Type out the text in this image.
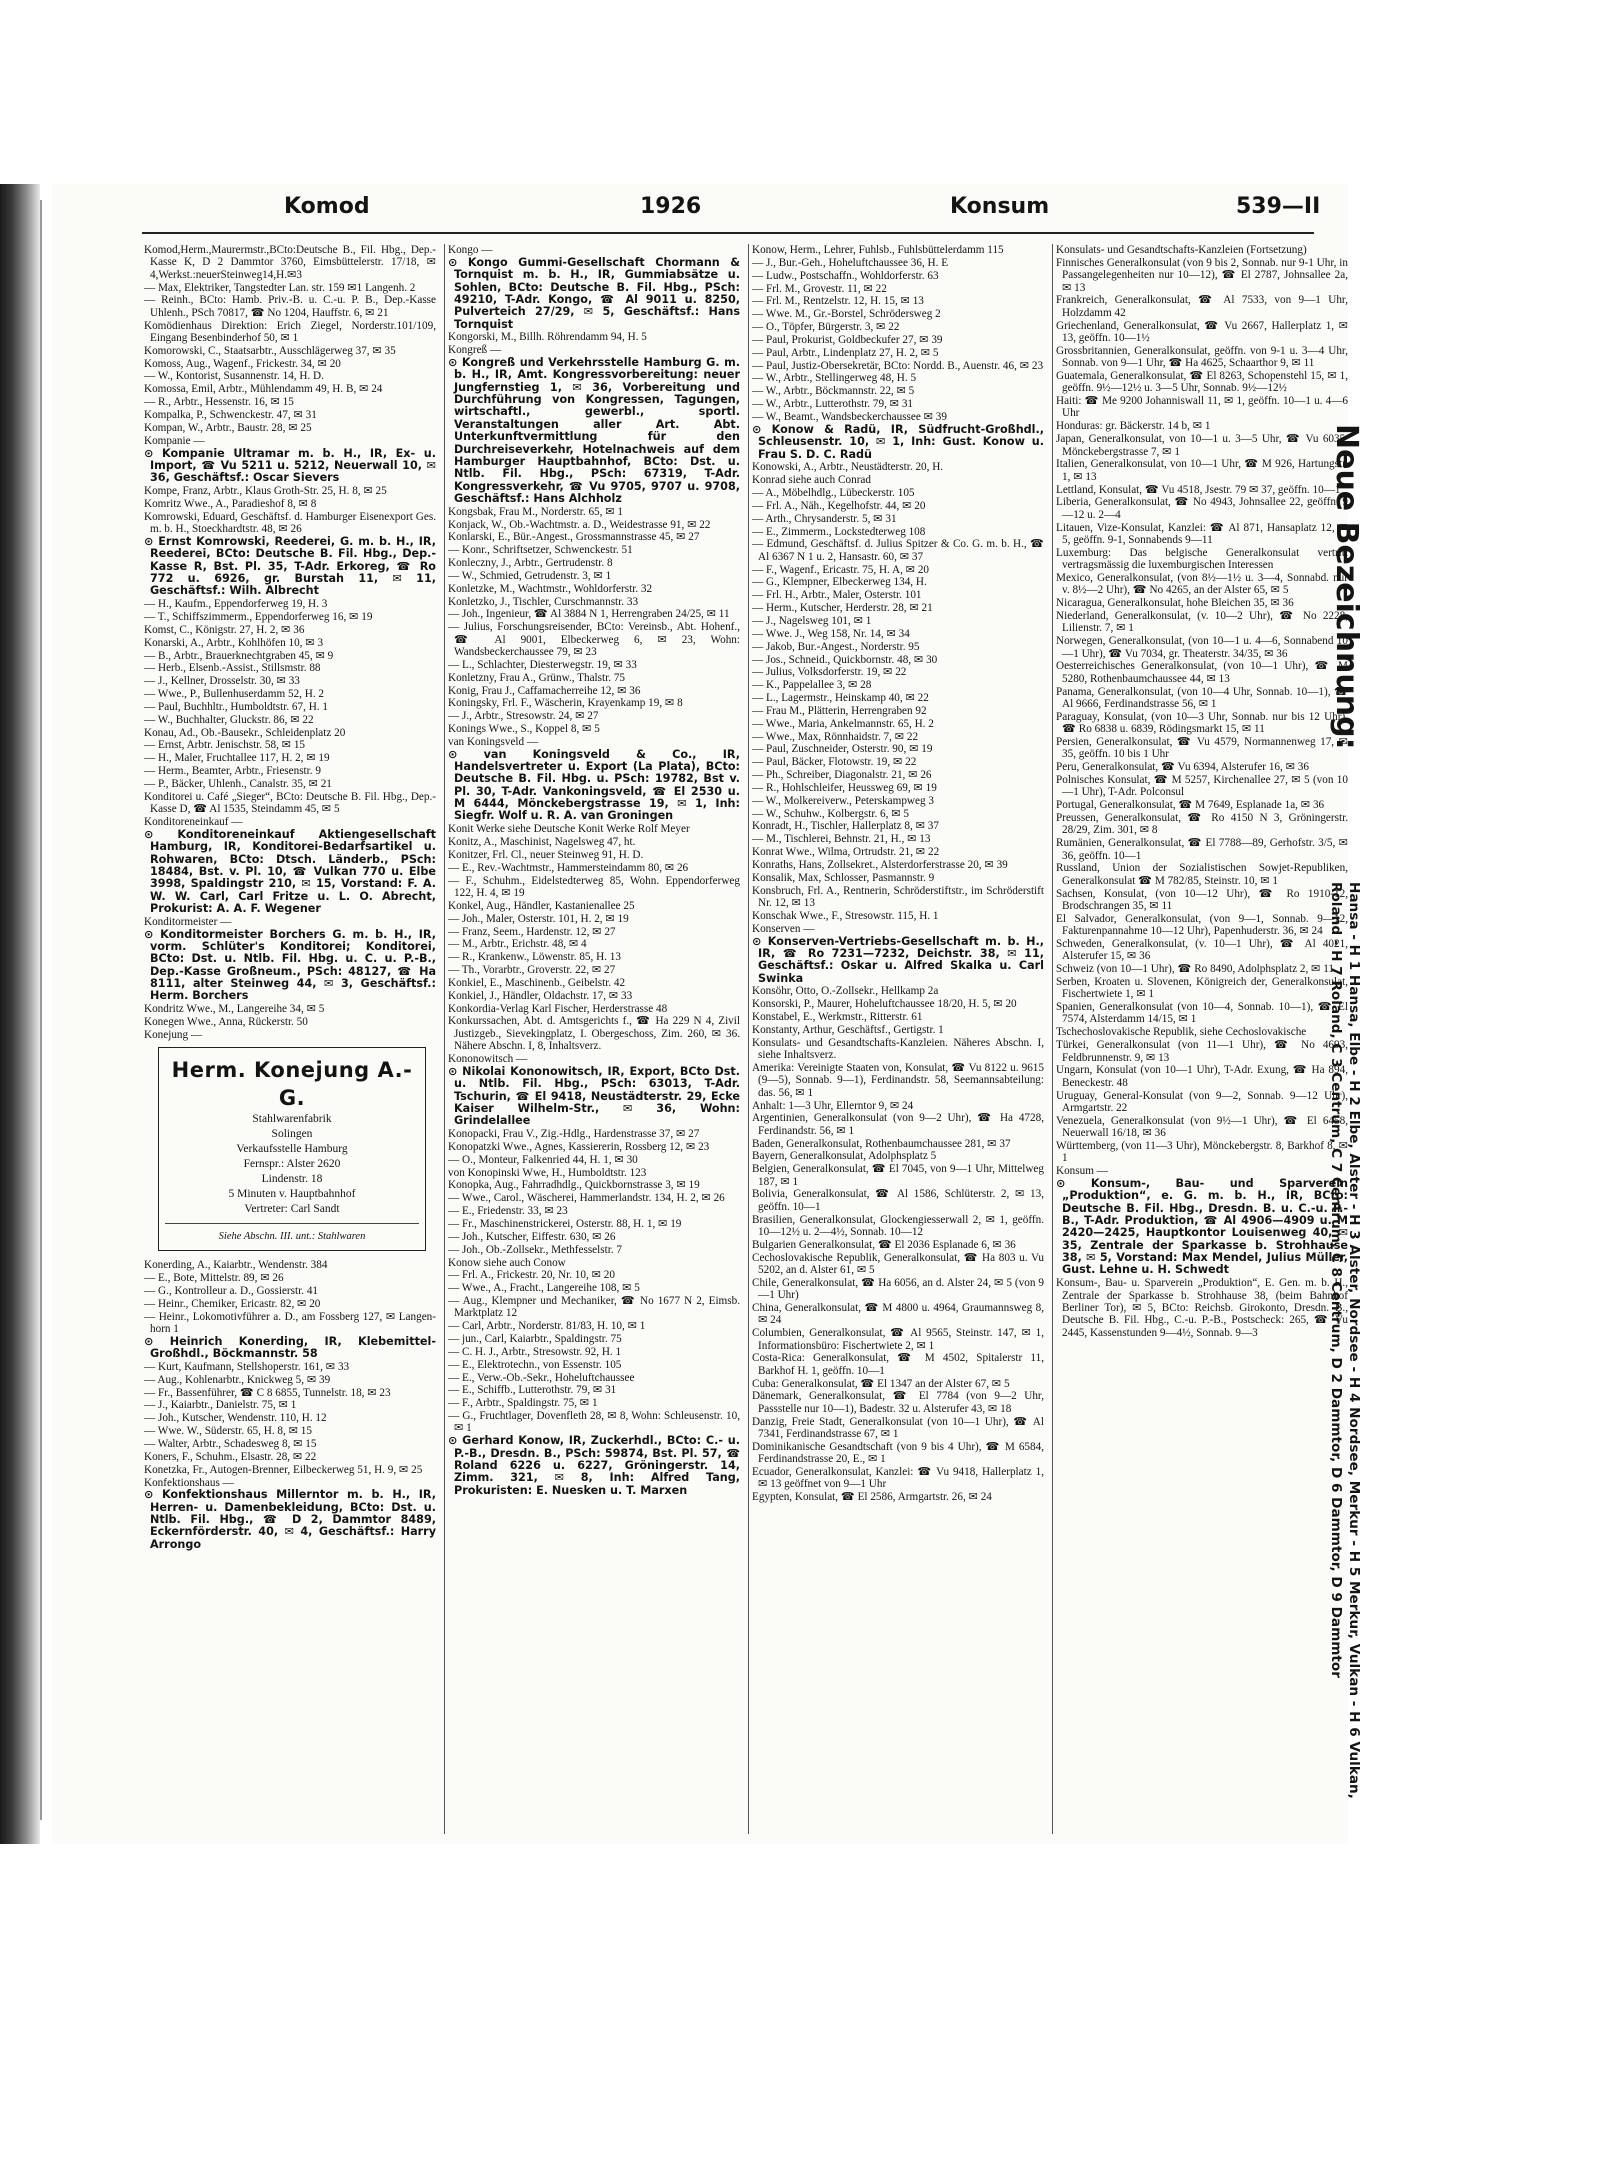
Komod	1926	Konsum	539—II

Komod,Herm.,Maurermstr.,BCto:Deutsche B., Fil. Hbg., Dep.-Kasse K, D 2 Dammtor 3760, Eimsbüttelerstr. 17/18, ✉4,Werkst.:neuerSteinweg14,H.✉3

— Max, Elektriker, Tangstedter Lan. str. 159 ✉1 Langenh. 2

— Reinh., BCto: Hamb. Priv.-B. u. C.-u. P. B., Dep.-Kasse Uhlenh., PSch 70817, ☎ No 1204, Hauffstr. 6, ✉ 21

Komödienhaus Direktion: Erich Ziegel, Norderstr.101/109, Eingang Besenbinderhof 50, ✉ 1

Komorowski, C., Staatsarbtr., Ausschlägerweg 37, ✉ 35

Komoss, Aug., Wagenf., Frickestr. 34, ✉ 20

— W., Kontorist, Susannenstr. 14, H. D.

Komossa, Emil, Arbtr., Mühlendamm 49, H. B, ✉ 24

— R., Arbtr., Hessenstr. 16, ✉ 15

Kompalka, P., Schwenckestr. 47, ✉ 31

Kompan, W., Arbtr., Baustr. 28, ✉ 25

Kompanie —

⊙ Kompanie Ultramar m. b. H., IR, Ex- u. Import, ☎ Vu 5211 u. 5212, Neuerwall 10, ✉ 36, Geschäftsf.: Oscar Sievers

Kompe, Franz, Arbtr., Klaus Groth-Str. 25, H. 8, ✉ 25

Komritz Wwe., A., Paradieshof 8, ✉ 8

Komrowski, Eduard, Geschäftsf. d. Hamburger Eisenexport Ges. m. b. H., Stoeckhardtstr. 48, ✉ 26

⊙ Ernst Komrowski, Reederei, G. m. b. H., IR, Reederei, BCto: Deutsche B. Fil. Hbg., Dep.-Kasse R, Bst. Pl. 35, T-Adr. Erkoreg, ☎ Ro 772 u. 6926, gr. Burstah 11, ✉ 11, Geschäftsf.: Wilh. Albrecht

— H., Kaufm., Eppendorferweg 19, H. 3

— T., Schiffszimmerm., Eppendorferweg 16, ✉ 19

Komst, C., Königstr. 27, H. 2, ✉ 36

Konarski, A., Arbtr., Kohlhöfen 10, ✉ 3

— B., Arbtr., Brauerknechtgraben 45, ✉ 9

— Herb., Elsenb.-Assist., Stillsmstr. 88

— J., Kellner, Drosselstr. 30, ✉ 33

— Wwe., P., Bullenhuserdamm 52, H. 2

— Paul, Buchhltr., Humboldtstr. 67, H. 1

— W., Buchhalter, Gluckstr. 86, ✉ 22

Konau, Ad., Ob.-Bausekr., Schleidenplatz 20

— Ernst, Arbtr. Jenischstr. 58, ✉ 15

— H., Maler, Fruchtallee 117, H. 2, ✉ 19

— Herm., Beamter, Arbtr., Friesenstr. 9

— P., Bäcker, Uhlenh., Canalstr. 35, ✉ 21

Konditorei u. Café „Sieger“, BCto: Deutsche B. Fil. Hbg., Dep.-Kasse D, ☎ Al 1535, Steindamm 45, ✉ 5

Konditoreneinkauf —

⊙ Konditoreneinkauf Aktiengesellschaft Hamburg, IR, Konditorei-Bedarfsartikel u. Rohwaren, BCto: Dtsch. Länderb., PSch: 18484, Bst. v. Pl. 10, ☎ Vulkan 770 u. Elbe 3998, Spaldingstr 210, ✉ 15, Vorstand: F. A. W. W. Carl, Carl Fritze u. L. O. Abrecht, Prokurist: A. A. F. Wegener

Konditormeister —

⊙ Konditormeister Borchers G. m. b. H., IR, vorm. Schlüter's Konditorei; Konditorei, BCto: Dst. u. Ntlb. Fil. Hbg. u. C. u. P.-B., Dep.-Kasse Großneum., PSch: 48127, ☎ Ha 8111, alter Steinweg 44, ✉ 3, Geschäftsf.: Herm. Borchers

Kondritz Wwe., M., Langereihe 34, ✉ 5

Konegen Wwe., Anna, Rückerstr. 50

Konejung —

Herm. Konejung A.-G.
Stahlwarenfabrik
Solingen
Verkaufsstelle Hamburg
Fernspr.: Alster 2620
Lindenstr. 18
5 Minuten v. Hauptbahnhof
Vertreter: Carl Sandt
Siehe Abschn. III. unt.: Stahlwaren

Konerding, A., Kaiarbtr., Wendenstr. 384

— E., Bote, Mittelstr. 89, ✉ 26

— G., Kontrolleur a. D., Gossierstr. 41

— Heinr., Chemiker, Ericastr. 82, ✉ 20

— Heinr., Lokomotivführer a. D., am Fossberg 127, ✉ Langen-horn 1

⊙ Heinrich Konerding, IR, Klebemittel-Großhdl., Böckmannstr. 58

— Kurt, Kaufmann, Stellshoperstr. 161, ✉ 33

— Aug., Kohlenarbtr., Knickweg 5, ✉ 39

— Fr., Bassenführer, ☎ C 8 6855, Tunnelstr. 18, ✉ 23

— J., Kaiarbtr., Danielstr. 75, ✉ 1

— Joh., Kutscher, Wendenstr. 110, H. 12

— Wwe. W., Süderstr. 65, H. 8, ✉ 15

— Walter, Arbtr., Schadesweg 8, ✉ 15

Koners, F., Schuhm., Elsastr. 28, ✉ 22

Konetzka, Fr., Autogen-Brenner, Eilbeckerweg 51, H. 9, ✉ 25

Konfektionshaus —

⊙ Konfektionshaus Millerntor m. b. H., IR, Herren- u. Damenbekleidung, BCto: Dst. u. Ntlb. Fil. Hbg., ☎ D 2, Dammtor 8489, Eckernförderstr. 40, ✉ 4, Geschäftsf.: Harry Arrongo

Kongo —

⊙ Kongo Gummi-Gesellschaft Chormann & Tornquist m. b. H., IR, Gummiabsätze u. Sohlen, BCto: Deutsche B. Fil. Hbg., PSch: 49210, T-Adr. Kongo, ☎ Al 9011 u. 8250, Pulverteich 27/29, ✉ 5, Geschäftsf.: Hans Tornquist

Kongorski, M., Billh. Röhrendamm 94, H. 5

Kongreß —

⊙ Kongreß und Verkehrsstelle Hamburg G. m. b. H., IR, Amt. Kongressvorbereitung: neuer Jungfernstieg 1, ✉ 36, Vorbereitung und Durchführung von Kongressen, Tagungen, wirtschaftl., gewerbl., sportl. Veranstaltungen aller Art. Abt. Unterkunftvermittlung für den Durchreiseverkehr, Hotelnachweis auf dem Hamburger Hauptbahnhof, BCto: Dst. u. Ntlb. Fil. Hbg., PSch: 67319, T-Adr. Kongressverkehr, ☎ Vu 9705, 9707 u. 9708, Geschäftsf.: Hans Alchholz

Kongsbak, Frau M., Norderstr. 65, ✉ 1

Konjack, W., Ob.-Wachtmstr. a. D., Weidestrasse 91, ✉ 22

Konlarski, E., Bür.-Angest., Grossmannstrasse 45, ✉ 27

— Konr., Schriftsetzer, Schwenckestr. 51

Konleczny, J., Arbtr., Gertrudenstr. 8

— W., Schmied, Getrudenstr. 3, ✉ 1

Konletzke, M., Wachtmstr., Wohldorferstr. 32

Konletzko, J., Tischler, Curschmannstr. 33

— Joh., Ingenieur, ☎ Al 3884 N 1, Herrengraben 24/25, ✉ 11

— Julius, Forschungsreisender, BCto: Vereinsb., Abt. Hohenf., ☎ Al 9001, Elbeckerweg 6, ✉ 23, Wohn: Wandsbeckerchaussee 79, ✉ 23

— L., Schlachter, Diesterwegstr. 19, ✉ 33

Konletzny, Frau A., Grünw., Thalstr. 75

Konig, Frau J., Caffamacherreihe 12, ✉ 36

Koningsky, Frl. F., Wäscherin, Krayenkamp 19, ✉ 8

— J., Arbtr., Stresowstr. 24, ✉ 27

Konings Wwe., S., Koppel 8, ✉ 5

van Koningsveld —

⊙ van Koningsveld & Co., IR, Handelsvertreter u. Export (La Plata), BCto: Deutsche B. Fil. Hbg. u. PSch: 19782, Bst v. Pl. 30, T-Adr. Vankoningsveld, ☎ El 2530 u. M 6444, Mönckebergstrasse 19, ✉ 1, Inh: Siegfr. Wolf u. R. A. van Groningen

Konit Werke siehe Deutsche Konit Werke Rolf Meyer

Konitz, A., Maschinist, Nagelsweg 47, ht.

Konitzer, Frl. Cl., neuer Steinweg 91, H. D.

— E., Rev.-Wachtmstr., Hammersteindamm 80, ✉ 26

— F., Schuhm., Eidelstedterweg 85, Wohn. Eppendorferweg 122, H. 4, ✉ 19

Konkel, Aug., Händler, Kastanienallee 25

— Joh., Maler, Osterstr. 101, H. 2, ✉ 19

— Franz, Seem., Hardenstr. 12, ✉ 27

— M., Arbtr., Erichstr. 48, ✉ 4

— R., Krankenw., Löwenstr. 85, H. 13

— Th., Vorarbtr., Groverstr. 22, ✉ 27

Konkiel, E., Maschinenb., Geibelstr. 42

Konkiel, J., Händler, Oldachstr. 17, ✉ 33

Konkordia-Verlag Karl Fischer, Herderstrasse 48

Konkurssachen, Abt. d. Amtsgerichts f., ☎ Ha 229 N 4, Zivil Justizgeb., Sievekingplatz, I. Obergeschoss, Zim. 260, ✉ 36. Nähere Abschn. I, 8, Inhaltsverz.

Kononowitsch —

⊙ Nikolai Kononowitsch, IR, Export, BCto Dst. u. Ntlb. Fil. Hbg., PSch: 63013, T-Adr. Tschurin, ☎ El 9418, Neustädterstr. 29, Ecke Kaiser Wilhelm-Str., ✉ 36, Wohn: Grindelallee

Konopacki, Frau V., Zig.-Hdlg., Hardenstrasse 37, ✉ 27

Konopatzki Wwe., Agnes, Kassiererin, Rossberg 12, ✉ 23

— O., Monteur, Falkenried 44, H. 1, ✉ 30

von Konopinski Wwe, H., Humboldtstr. 123

Konopka, Aug., Fahrradhdlg., Quickbornstrasse 3, ✉ 19

— Wwe., Carol., Wäscherei, Hammerlandstr. 134, H. 2, ✉ 26

— E., Friedenstr. 33, ✉ 23

— Fr., Maschinenstrickerei, Osterstr. 88, H. 1, ✉ 19

— Joh., Kutscher, Eiffestr. 630, ✉ 26

— Joh., Ob.-Zollsekr., Methfesselstr. 7

Konow siehe auch Conow

— Frl. A., Frickestr. 20, Nr. 10, ✉ 20

— Wwe., A., Fracht., Langereihe 108, ✉ 5

— Aug., Klempner und Mechaniker, ☎ No 1677 N 2, Eimsb. Marktplatz 12

— Carl, Arbtr., Norderstr. 81/83, H. 10, ✉ 1

— jun., Carl, Kaiarbtr., Spaldingstr. 75

— C. H. J., Arbtr., Stresowstr. 92, H. 1

— E., Elektrotechn., von Essenstr. 105

— E., Verw.-Ob.-Sekr., Hoheluftchaussee

— E., Schiffb., Lutterothstr. 79, ✉ 31

— F., Arbtr., Spaldingstr. 75, ✉ 1

— G., Fruchtlager, Dovenfleth 28, ✉ 8, Wohn: Schleusenstr. 10, ✉ 1

⊙ Gerhard Konow, IR, Zuckerhdl., BCto: C.- u. P.-B., Dresdn. B., PSch: 59874, Bst. Pl. 57, ☎ Roland 6226 u. 6227, Gröningerstr. 14, Zimm. 321, ✉ 8, Inh: Alfred Tang, Prokuristen: E. Nuesken u. T. Marxen

Konow, Herm., Lehrer, Fuhlsb., Fuhlsbüttelerdamm 115

— J., Bur.-Geh., Hoheluftchaussee 36, H. E

— Ludw., Postschaffn., Wohldorferstr. 63

— Frl. M., Grovestr. 11, ✉ 22

— Frl. M., Rentzelstr. 12, H. 15, ✉ 13

— Wwe. M., Gr.-Borstel, Schrödersweg 2

— O., Töpfer, Bürgerstr. 3, ✉ 22

— Paul, Prokurist, Goldbeckufer 27, ✉ 39

— Paul, Arbtr., Lindenplatz 27, H. 2, ✉ 5

— Paul, Justiz-Obersekretär, BCto: Nordd. B., Auenstr. 46, ✉ 23

— W., Arbtr., Stellingerweg 48, H. 5

— W., Arbtr., Böckmannstr. 22, ✉ 5

— W., Arbtr., Lutterothstr. 79, ✉ 31

— W., Beamt., Wandsbeckerchaussee ✉ 39

⊙ Konow & Radü, IR, Südfrucht-Großhdl., Schleusenstr. 10, ✉ 1, Inh: Gust. Konow u. Frau S. D. C. Radü

Konowski, A., Arbtr., Neustädterstr. 20, H.

Konrad siehe auch Conrad

— A., Möbelhdlg., Lübeckerstr. 105

— Frl. A., Näh., Kegelhofstr. 44, ✉ 20

— Arth., Chrysanderstr. 5, ✉ 31

— E., Zimmerm., Lockstedterweg 108

— Edmund, Geschäftsf. d. Julius Spitzer & Co. G. m. b. H., ☎ Al 6367 N 1 u. 2, Hansastr. 60, ✉ 37

— F., Wagenf., Ericastr. 75, H. A, ✉ 20

— G., Klempner, Elbeckerweg 134, H.

— Frl. H., Arbtr., Maler, Osterstr. 101

— Herm., Kutscher, Herderstr. 28, ✉ 21

— J., Nagelsweg 101, ✉ 1

— Wwe. J., Weg 158, Nr. 14, ✉ 34

— Jakob, Bur.-Angest., Norderstr. 95

— Jos., Schneid., Quickbornstr. 48, ✉ 30

— Julius, Volksdorferstr. 19, ✉ 22

— K., Pappelallee 3, ✉ 28

— L., Lagermstr., Heinskamp 40, ✉ 22

— Frau M., Plätterin, Herrengraben 92

— Wwe., Maria, Ankelmannstr. 65, H. 2

— Wwe., Max, Rönnhaidstr. 7, ✉ 22

— Paul, Zuschneider, Osterstr. 90, ✉ 19

— Paul, Bäcker, Flotowstr. 19, ✉ 22

— Ph., Schreiber, Diagonalstr. 21, ✉ 26

— R., Hohlschleifer, Heussweg 69, ✉ 19

— W., Molkereiverw., Peterskampweg 3

— W., Schuhw., Kolbergstr. 6, ✉ 5

Konradt, H., Tischler, Hallerplatz 8, ✉ 37

— M., Tischlerei, Behnstr. 21, H., ✉ 13

Konrat Wwe., Wilma, Ortrudstr. 21, ✉ 22

Konraths, Hans, Zollsekret., Alsterdorferstrasse 20, ✉ 39

Konsalik, Max, Schlosser, Pasmannstr. 9

Konsbruch, Frl. A., Rentnerin, Schröderstiftstr., im Schröderstift Nr. 12, ✉ 13

Konschak Wwe., F., Stresowstr. 115, H. 1

Konserven —

⊙ Konserven-Vertriebs-Gesellschaft m. b. H., IR, ☎ Ro 7231—7232, Deichstr. 38, ✉ 11, Geschäftsf.: Oskar u. Alfred Skalka u. Carl Swinka

Konsöhr, Otto, O.-Zollsekr., Hellkamp 2a

Konsorski, P., Maurer, Hoheluftchaussee 18/20, H. 5, ✉ 20

Konstabel, E., Werkmstr., Ritterstr. 61

Konstanty, Arthur, Geschäftsf., Gertigstr. 1

Konsulats- und Gesandtschafts-Kanzleien. Näheres Abschn. I, siehe Inhaltsverz.

Amerika: Vereinigte Staaten von, Konsulat, ☎ Vu 8122 u. 9615 (9—5), Sonnab. 9—1), Ferdinandstr. 58, Seemannsabteilung: das. 56, ✉ 1

Anhalt: 1—3 Uhr, Ellerntor 9, ✉ 24

Argentinien, Generalkonsulat (von 9—2 Uhr), ☎ Ha 4728, Ferdinandstr. 56, ✉ 1

Baden, Generalkonsulat, Rothenbaumchaussee 281, ✉ 37

Bayern, Generalkonsulat, Adolphsplatz 5

Belgien, Generalkonsulat, ☎ El 7045, von 9—1 Uhr, Mittelweg 187, ✉ 1

Bolivia, Generalkonsulat, ☎ Al 1586, Schlüterstr. 2, ✉ 13, geöffn. 10—1

Brasilien, Generalkonsulat, Glockengiesserwall 2, ✉ 1, geöffn. 10—12½ u. 2—4½, Sonnab. 10—12

Bulgarien Generalkonsulat, ☎ El 2036 Esplanade 6, ✉ 36

Cechoslovakische Republik, Generalkonsulat, ☎ Ha 803 u. Vu 5202, an d. Alster 61, ✉ 5

Chile, Generalkonsulat, ☎ Ha 6056, an d. Alster 24, ✉ 5 (von 9—1 Uhr)

China, Generalkonsulat, ☎ M 4800 u. 4964, Graumannsweg 8, ✉ 24

Columbien, Generalkonsulat, ☎ Al 9565, Steinstr. 147, ✉ 1, Informationsbüro: Fischertwiete 2, ✉ 1

Costa-Rica: Generalkonsulat, ☎ M 4502, Spitalerstr 11, Barkhof H. 1, geöffn. 10—1

Cuba: Generalkonsulat, ☎ El 1347 an der Alster 67, ✉ 5

Dänemark, Generalkonsulat, ☎ El 7784 (von 9—2 Uhr, Passstelle nur 10—1), Badestr. 32 u. Alsterufer 43, ✉ 18

Danzig, Freie Stadt, Generalkonsulat (von 10—1 Uhr), ☎ Al 7341, Ferdinandstrasse 67, ✉ 1

Dominikanische Gesandtschaft (von 9 bis 4 Uhr), ☎ M 6584, Ferdinandstrasse 20, E., ✉ 1

Ecuador, Generalkonsulat, Kanzlei: ☎ Vu 9418, Hallerplatz 1, ✉ 13 geöffnet von 9—1 Uhr

Egypten, Konsulat, ☎ El 2586, Armgartstr. 26, ✉ 24

Konsulats- und Gesandtschafts-Kanzleien (Fortsetzung)

Finnisches Generalkonsulat (von 9 bis 2, Sonnab. nur 9-1 Uhr, in Passangelegenheiten nur 10—12), ☎ El 2787, Johnsallee 2a, ✉ 13

Frankreich, Generalkonsulat, ☎ Al 7533, von 9—1 Uhr, Holzdamm 42

Griechenland, Generalkonsulat, ☎ Vu 2667, Hallerplatz 1, ✉ 13, geöffn. 10—1½

Grossbritannien, Generalkonsulat, geöffn. von 9-1 u. 3—4 Uhr, Sonnab. von 9—1 Uhr, ☎ Ha 4625, Schaarthor 9, ✉ 11

Guatemala, Generalkonsulat, ☎ El 8263, Schopenstehl 15, ✉ 1, geöffn. 9½—12½ u. 3—5 Uhr, Sonnab. 9½—12½

Haiti: ☎ Me 9200 Johanniswall 11, ✉ 1, geöffn. 10—1 u. 4—6 Uhr

Honduras: gr. Bäckerstr. 14 b, ✉ 1

Japan, Generalkonsulat, von 10—1 u. 3—5 Uhr, ☎ Vu 6035, Mönckebergstrasse 7, ✉ 1

Italien, Generalkonsulat, von 10—1 Uhr, ☎ M 926, Hartungstr. 1, ✉ 13

Lettland, Konsulat, ☎ Vu 4518, Jsestr. 79 ✉ 37, geöffn. 10—1

Liberia, Generalkonsulat, ☎ No 4943, Johnsallee 22, geöffn. 9—12 u. 2—4

Litauen, Vize-Konsulat, Kanzlei: ☎ Al 871, Hansaplatz 12, ✉ 5, geöffn. 9-1, Sonnabends 9—11

Luxemburg: Das belgische Generalkonsulat vertritt vertragsmässig die luxemburgischen Interessen

Mexico, Generalkonsulat, (von 8½—1½ u. 3—4, Sonnabd. nur v. 8½—2 Uhr), ☎ No 4265, an der Alster 65, ✉ 5

Nicaragua, Generalkonsulat, hohe Bleichen 35, ✉ 36

Niederland, Generalkonsulat, (v. 10—2 Uhr), ☎ No 2228, Lilienstr. 7, ✉ 1

Norwegen, Generalkonsulat, (von 10—1 u. 4—6, Sonnabend 10—1 Uhr), ☎ Vu 7034, gr. Theaterstr. 34/35, ✉ 36

Oesterreichisches Generalkonsulat, (von 10—1 Uhr), ☎ M 5280, Rothenbaumchaussee 44, ✉ 13

Panama, Generalkonsulat, (von 10—4 Uhr, Sonnab. 10—1), ☎ Al 9666, Ferdinandstrasse 56, ✉ 1

Paraguay, Konsulat, (von 10—3 Uhr, Sonnab. nur bis 12 Uhr), ☎ Ro 6838 u. 6839, Rödingsmarkt 15, ✉ 11

Persien, Generalkonsulat, ☎ Vu 4579, Normannenweg 17, ✉ 35, geöffn. 10 bis 1 Uhr

Peru, Generalkonsulat, ☎ Vu 6394, Alsterufer 16, ✉ 36

Polnisches Konsulat, ☎ M 5257, Kirchenallee 27, ✉ 5 (von 10—1 Uhr), T-Adr. Polconsul

Portugal, Generalkonsulat, ☎ M 7649, Esplanade 1a, ✉ 36

Preussen, Generalkonsulat, ☎ Ro 4150 N 3, Gröningerstr. 28/29, Zim. 301, ✉ 8

Rumänien, Generalkonsulat, ☎ El 7788—89, Gerhofstr. 3/5, ✉ 36, geöffn. 10—1

Russland, Union der Sozialistischen Sowjet-Republiken, Generalkonsulat ☎ M 782/85, Steinstr. 10, ✉ 1

Sachsen, Konsulat, (von 10—12 Uhr), ☎ Ro 1910-12, Brodschrangen 35, ✉ 11

El Salvador, Generalkonsulat, (von 9—1, Sonnab. 9—12, Fakturenpannahme 10—12 Uhr), Papenhuderstr. 36, ✉ 24

Schweden, Generalkonsulat, (v. 10—1 Uhr), ☎ Al 4021, Alsterufer 15, ✉ 36

Schweiz (von 10—1 Uhr), ☎ Ro 8490, Adolphsplatz 2, ✉ 11

Serben, Kroaten u. Slovenen, Königreich der, Generalkonsulat, Fischertwiete 1, ✉ 1

Spanien, Generalkonsulat (von 10—4, Sonnab. 10—1), ☎ El 7574, Alsterdamm 14/15, ✉ 1

Tschechoslovakische Republik, siehe Cechoslovakische

Türkei, Generalkonsulat (von 11—1 Uhr), ☎ No 4693, Feldbrunnenstr. 9, ✉ 13

Ungarn, Konsulat (von 10—1 Uhr), T-Adr. Exung, ☎ Ha 894, Beneckestr. 48

Uruguay, General-Konsulat (von 9—2, Sonnab. 9—12 Uhr), Armgartstr. 22

Venezuela, Generalkonsulat (von 9½—1 Uhr), ☎ El 6458, Neuerwall 16/18, ✉ 36

Württemberg, (von 11—3 Uhr), Mönckebergstr. 8, Barkhof 8, ✉ 1

Konsum —

⊙ Konsum-, Bau- und Sparverein „Produktion“, e. G. m. b. H., IR, BCto: Deutsche B. Fil. Hbg., Dresdn. B. u. C.-u. P.-B., T-Adr. Produktion, ☎ Al 4906—4909 u. M 2420—2425, Hauptkontor Louisenweg 40, ✉ 35, Zentrale der Sparkasse b. Strohhause 38, ✉ 5, Vorstand: Max Mendel, Julius Müller, Gust. Lehne u. H. Schwedt

Konsum-, Bau- u. Sparverein „Produktion“, E. Gen. m. b. H., Zentrale der Sparkasse b. Strohhause 38, (beim Bahnhof Berliner Tor), ✉ 5, BCto: Reichsb. Girokonto, Dresdn. B., Deutsche B. Fil. Hbg., C.-u. P.-B., Postscheck: 265, ☎ Vu 2445, Kassenstunden 9—4½, Sonnab. 9—3

Neue Bezeichnung:
Hansa - H 1 Hansa, Elbe - H 2 Elbe, Alster - H 3 Alster, Nordsee - H 4 Nordsee, Merkur - H 5 Merkur, Vulkan - H 6 Vulkan,
Roland - H 7 Roland, C 3 Centrum, C 7 Centrum, C 8 Centrum, D 2 Dammtor, D 6 Dammtor, D 9 Dammtor
